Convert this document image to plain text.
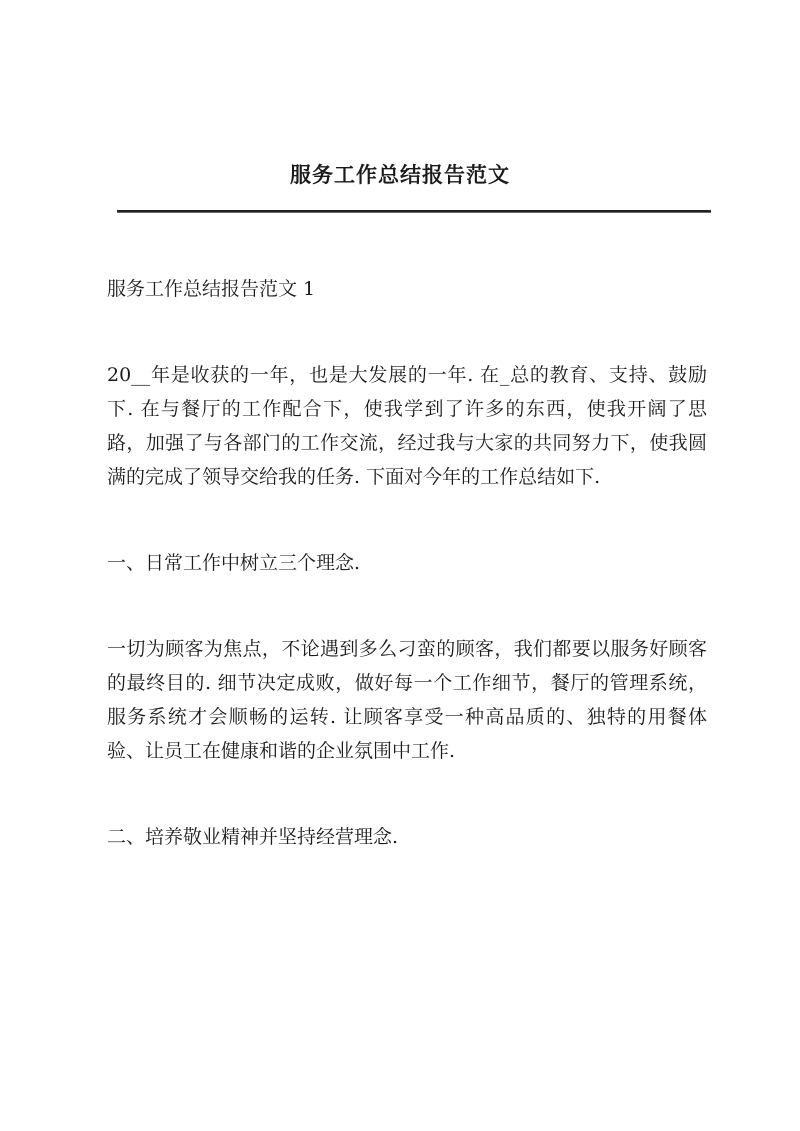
服务工作总结报告范文

服务工作总结报告范文 1

20__年是收获的一年，也是大发展的一年. 在_总的教育、支持、鼓励下. 在与餐厅的工作配合下，使我学到了许多的东西，使我开阔了思路，加强了与各部门的工作交流，经过我与大家的共同努力下，使我圆满的完成了领导交给我的任务. 下面对今年的工作总结如下.

一、日常工作中树立三个理念.

一切为顾客为焦点，不论遇到多么刁蛮的顾客，我们都要以服务好顾客的最终目的. 细节决定成败，做好每一个工作细节，餐厅的管理系统，服务系统才会顺畅的运转. 让顾客享受一种高品质的、独特的用餐体验、让员工在健康和谐的企业氛围中工作.

二、培养敬业精神并坚持经营理念.
